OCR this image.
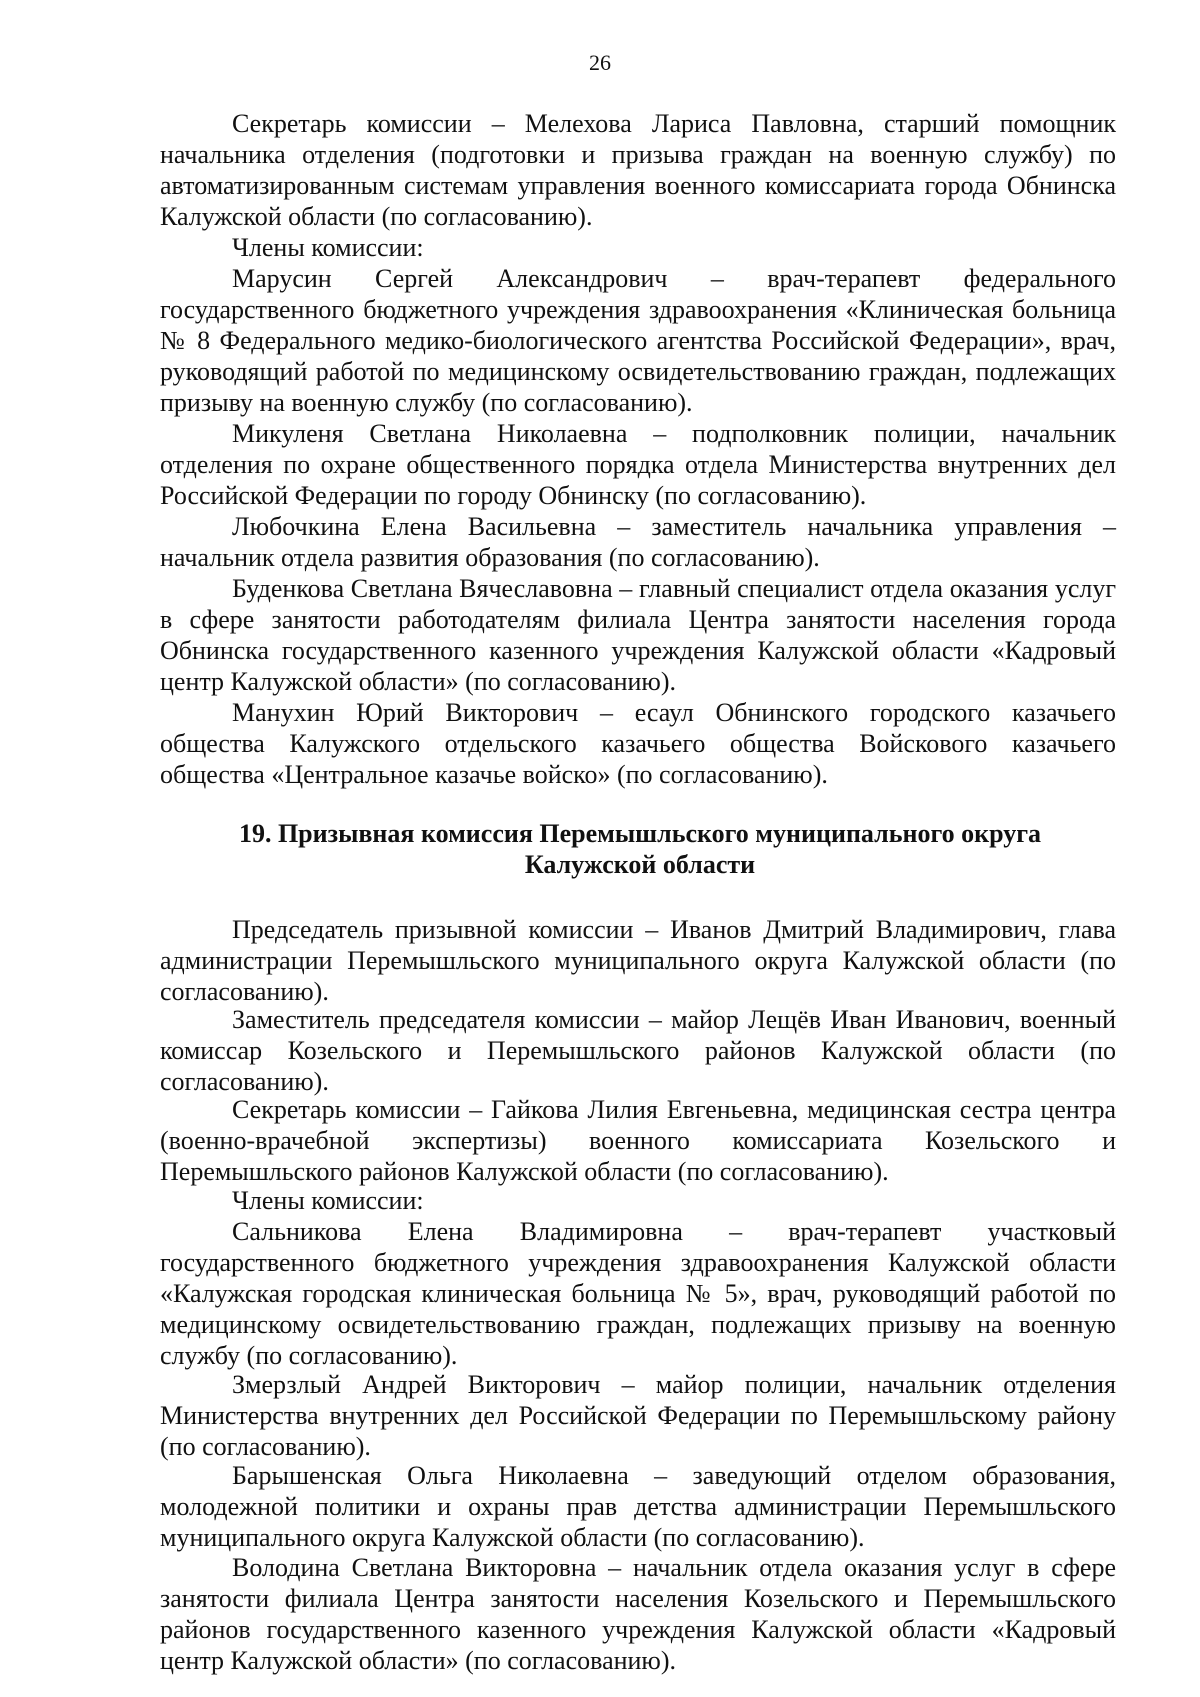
26

Секретарь комиссии – Мелехова Лариса Павловна, старший помощник начальника отделения (подготовки и призыва граждан на военную службу) по автоматизированным системам управления военного комиссариата города Обнинска Калужской области (по согласованию).

Члены комиссии:

Марусин Сергей Александрович – врач-терапевт федерального государственного бюджетного учреждения здравоохранения «Клиническая больница № 8 Федерального медико-биологического агентства Российской Федерации», врач, руководящий работой по медицинскому освидетельствованию граждан, подлежащих призыву на военную службу (по согласованию).

Микуленя Светлана Николаевна – подполковник полиции, начальник отделения по охране общественного порядка отдела Министерства внутренних дел Российской Федерации по городу Обнинску (по согласованию).

Любочкина Елена Васильевна – заместитель начальника управления – начальник отдела развития образования (по согласованию).

Буденкова Светлана Вячеславовна – главный специалист отдела оказания услуг в сфере занятости работодателям филиала Центра занятости населения города Обнинска государственного казенного учреждения Калужской области «Кадровый центр Калужской области» (по согласованию).

Манухин Юрий Викторович – есаул Обнинского городского казачьего общества Калужского отдельского казачьего общества Войскового казачьего общества «Центральное казачье войско» (по согласованию).

19. Призывная комиссия Перемышльского муниципального округа
Калужской области

Председатель призывной комиссии – Иванов Дмитрий Владимирович, глава администрации Перемышльского муниципального округа Калужской области (по согласованию).

Заместитель председателя комиссии – майор Лещёв Иван Иванович, военный комиссар Козельского и Перемышльского районов Калужской области (по согласованию).

Секретарь комиссии – Гайкова Лилия Евгеньевна, медицинская сестра центра (военно-врачебной экспертизы) военного комиссариата Козельского и Перемышльского районов Калужской области (по согласованию).

Члены комиссии:

Сальникова Елена Владимировна – врач-терапевт участковый государственного бюджетного учреждения здравоохранения Калужской области «Калужская городская клиническая больница № 5», врач, руководящий работой по медицинскому освидетельствованию граждан, подлежащих призыву на военную службу (по согласованию).

Змерзлый Андрей Викторович – майор полиции, начальник отделения Министерства внутренних дел Российской Федерации по Перемышльскому району (по согласованию).

Барышенская Ольга Николаевна – заведующий отделом образования, молодежной политики и охраны прав детства администрации Перемышльского муниципального округа Калужской области (по согласованию).

Володина Светлана Викторовна – начальник отдела оказания услуг в сфере занятости филиала Центра занятости населения Козельского и Перемышльского районов государственного казенного учреждения Калужской области «Кадровый центр Калужской области» (по согласованию).
